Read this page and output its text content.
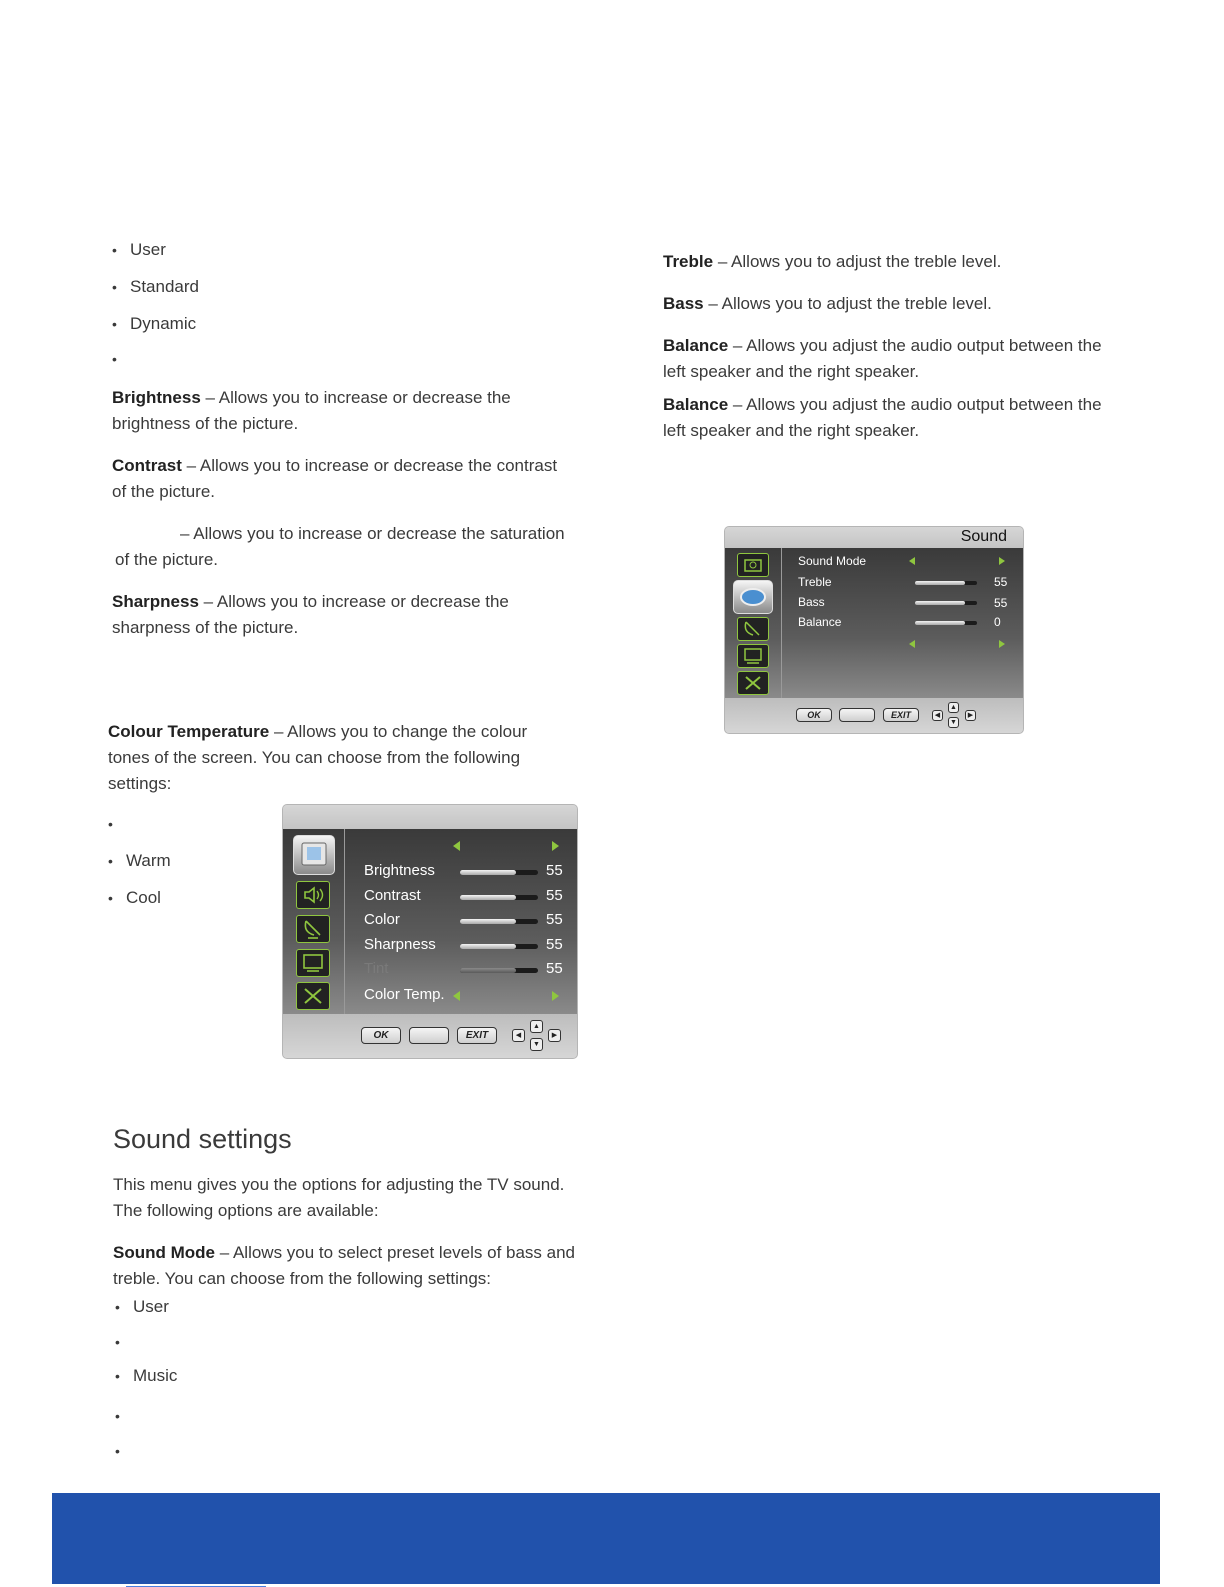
• User
• Standard
• Dynamic
•
Brightness – Allows you to increase or decrease the brightness of the picture.
Contrast – Allows you to increase or decrease the contrast of the picture.
– Allows you to increase or decrease the saturation of the picture.
Sharpness – Allows you to increase or decrease the sharpness of the picture.
Colour Temperature – Allows you to change the colour tones of the screen. You can choose from the following settings:
•
• Warm
• Cool
OK	EXIT	◀
▲
▼
▶
Brightness	55
Contrast	55
Color	55
Sharpness	55
Tint	55
Color Temp.
Sound settings
This menu gives you the options for adjusting the TV sound. The following options are available:
Sound Mode – Allows you to select preset levels of bass and treble. You can choose from the following settings:
• User
•
• Music
•
•
Treble – Allows you to adjust the treble level.
Bass – Allows you to adjust the treble level.
Balance – Allows you adjust the audio output between the left speaker and the right speaker.
Balance – Allows you adjust the audio output between the left speaker and the right speaker.
Sound
OK	EXIT	◀
▲
▼
▶
Sound Mode
Treble	55
Bass	55
Balance	0
